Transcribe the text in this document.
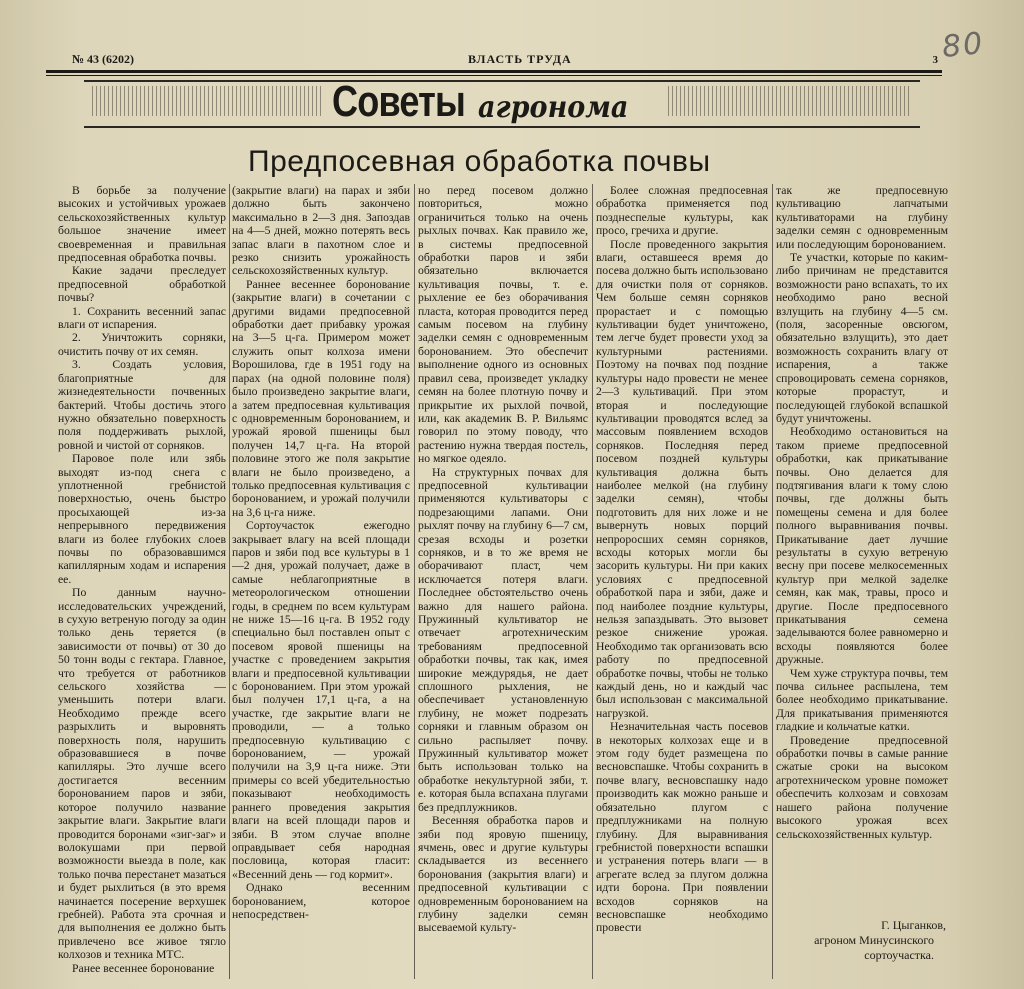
80
№ 43 (6202)	ВЛАСТЬ ТРУДА	3
Советы агронома
Предпосевная обработка почвы

В борьбе за получение высоких и устойчивых урожаев сельскохозяйственных культур большое значение имеет своевременная и правильная предпосевная обработка почвы.

Какие задачи преследует предпосевной обработкой почвы?

1. Сохранить весенний запас влаги от испарения.

2. Уничтожить сорняки, очистить почву от их семян.

3. Создать условия, благоприятные для жизнедеятельности почвенных бактерий. Чтобы достичь этого нужно обязательно поверхность поля поддерживать рыхлой, ровной и чистой от сорняков.

Паровое поле или зябь выходят из-под снега с уплотненной гребнистой поверхностью, очень быстро просыхающей из-за непрерывного передвижения влаги из более глубоких слоев почвы по образовавшимся капиллярным ходам и испарения ее.

По данным научно-исследовательских учреждений, в сухую ветреную погоду за один только день теряется (в зависимости от почвы) от 30 до 50 тонн воды с гектара. Главное, что требуется от работников сельского хозяйства — уменьшить потери влаги. Необходимо прежде всего разрыхлить и выровнять поверхность поля, нарушить образовавшиеся в почве капилляры. Это лучше всего достигается весенним боронованием паров и зяби, которое получило название закрытие влаги. Закрытие влаги проводится боронами «зиг-заг» и волокушами при первой возможности выезда в поле, как только почва перестанет мазаться и будет рыхлиться (в это время начинается посерение верхушек гребней). Работа эта срочная и для выполнения ее должно быть привлечено все живое тягло колхозов и техника МТС.

Ранее весеннее боронование

(закрытие влаги) на парах и зяби должно быть закончено максимально в 2—3 дня. Запоздав на 4—5 дней, можно потерять весь запас влаги в пахотном слое и резко снизить урожайность сельскохозяйственных культур.

Раннее весеннее боронование (закрытие влаги) в сочетании с другими видами предпосевной обработки дает прибавку урожая на 3—5 ц-га. Примером может служить опыт колхоза имени Ворошилова, где в 1951 году на парах (на одной половине поля) было произведено закрытие влаги, а затем предпосевная культивация с одновременным боронованием, и урожай яровой пшеницы был получен 14,7 ц-га. На второй половине этого же поля закрытие влаги не было произведено, а только предпосевная культивация с боронованием, и урожай получили на 3,6 ц-га ниже.

Сортоучасток ежегодно закрывает влагу на всей площади паров и зяби под все культуры в 1—2 дня, урожай получает, даже в самые неблагоприятные в метеорологическом отношении годы, в среднем по всем культурам не ниже 15—16 ц-га. В 1952 году специально был поставлен опыт с посевом яровой пшеницы на участке с проведением закрытия влаги и предпосевной культивации с боронованием. При этом урожай был получен 17,1 ц-га, а на участке, где закрытие влаги не проводили, — а только предпосевную культивацию с боронованием, — урожай получили на 3,9 ц-га ниже. Эти примеры со всей убедительностью показывают необходимость раннего проведения закрытия влаги на всей площади паров и зяби. В этом случае вполне оправдывает себя народная пословица, которая гласит: «Весенний день — год кормит».

Однако весенним боронованием, которое непосредствен-

но перед посевом должно повториться, можно ограничиться только на очень рыхлых почвах. Как правило же, в системы предпосевной обработки паров и зяби обязательно включается культивация почвы, т. е. рыхление ее без оборачивания пласта, которая проводится перед самым посевом на глубину заделки семян с одновременным боронованием. Это обеспечит выполнение одного из основных правил сева, произведет укладку семян на более плотную почву и прикрытие их рыхлой почвой, или, как академик В. Р. Вильямс говорил по этому поводу, что растению нужна твердая постель, но мягкое одеяло.

На структурных почвах для предпосевной культивации применяются культиваторы с подрезающими лапами. Они рыхлят почву на глубину 6—7 см, срезая всходы и розетки сорняков, и в то же время не оборачивают пласт, чем исключается потеря влаги. Последнее обстоятельство очень важно для нашего района. Пружинный культиватор не отвечает агротехническим требованиям предпосевной обработки почвы, так как, имея широкие междурядья, не дает сплошного рыхления, не обеспечивает установленную глубину, не может подрезать сорняки и главным образом он сильно распыляет почву. Пружинный культиватор может быть использован только на обработке некультурной зяби, т. е. которая была вспахана плугами без предплужников.

Весенняя обработка паров и зяби под яровую пшеницу, ячмень, овес и другие культуры складывается из весеннего боронования (закрытия влаги) и предпосевной культивации с одновременным боронованием на глубину заделки семян высеваемой культу-

Более сложная предпосевная обработка применяется под позднеспелые культуры, как просо, гречиха и другие.

После проведенного закрытия влаги, оставшееся время до посева должно быть использовано для очистки поля от сорняков. Чем больше семян сорняков прорастает и с помощью культивации будет уничтожено, тем легче будет провести уход за культурными растениями. Поэтому на почвах под поздние культуры надо провести не менее 2—3 культиваций. При этом вторая и последующие культивации проводятся вслед за массовым появлением всходов сорняков. Последняя перед посевом поздней культуры культивация должна быть наиболее мелкой (на глубину заделки семян), чтобы подготовить для них ложе и не вывернуть новых порций непроросших семян сорняков, всходы которых могли бы засорить культуры. Ни при каких условиях с предпосевной обработкой пара и зяби, даже и под наиболее поздние культуры, нельзя запаздывать. Это вызовет резкое снижение урожая. Необходимо так организовать всю работу по предпосевной обработке почвы, чтобы не только каждый день, но и каждый час был использован с максимальной нагрузкой.

Незначительная часть посевов в некоторых колхозах еще и в этом году будет размещена по весновспашке. Чтобы сохранить в почве влагу, весновспашку надо производить как можно раньше и обязательно плугом с предплужниками на полную глубину. Для выравнивания гребнистой поверхности вспашки и устранения потерь влаги — в агрегате вслед за плугом должна идти борона. При появлении всходов сорняков на весновспашке необходимо провести

так же предпосевную культивацию лапчатыми культиваторами на глубину заделки семян с одновременным или последующим боронованием.

Те участки, которые по каким-либо причинам не представится возможности рано вспахать, то их необходимо рано весной взлущить на глубину 4—5 см. (поля, засоренные овсюгом, обязательно взлущить), это дает возможность сохранить влагу от испарения, а также спровоцировать семена сорняков, которые прорастут, и последующей глубокой вспашкой будут уничтожены.

Необходимо остановиться на таком приеме предпосевной обработки, как прикатывание почвы. Оно делается для подтягивания влаги к тому слою почвы, где должны быть помещены семена и для более полного выравнивания почвы. Прикатывание дает лучшие результаты в сухую ветреную весну при посеве мелкосеменных культур при мелкой заделке семян, как мак, травы, просо и другие. После предпосевного прикатывания семена заделываются более равномерно и всходы появляются более дружные.

Чем хуже структура почвы, тем почва сильнее распылена, тем более необходимо прикатывание. Для прикатывания применяются гладкие и кольчатые катки.

Проведение предпосевной обработки почвы в самые ранние сжатые сроки на высоком агротехническом уровне поможет обеспечить колхозам и совхозам нашего района получение высокого урожая всех сельскохозяйственных культур.

Г. Цыганков,
агроном Минусинского сортоучастка.
